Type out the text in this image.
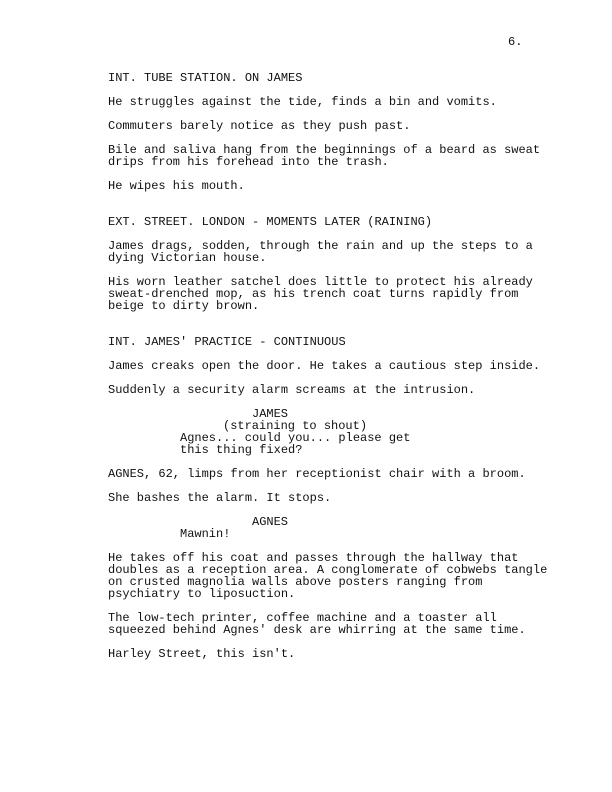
6.
INT. TUBE STATION. ON JAMES
He struggles against the tide, finds a bin and vomits.
Commuters barely notice as they push past.
Bile and saliva hang from the beginnings of a beard as sweat drips from his forehead into the trash.
He wipes his mouth.
EXT. STREET. LONDON - MOMENTS LATER (RAINING)
James drags, sodden, through the rain and up the steps to a dying Victorian house.
His worn leather satchel does little to protect his already sweat-drenched mop, as his trench coat turns rapidly from beige to dirty brown.
INT. JAMES' PRACTICE - CONTINUOUS
James creaks open the door. He takes a cautious step inside.
Suddenly a security alarm screams at the intrusion.
JAMES
(straining to shout)
Agnes... could you... please get this thing fixed?
AGNES, 62, limps from her receptionist chair with a broom.
She bashes the alarm. It stops.
AGNES
Mawnin!
He takes off his coat and passes through the hallway that doubles as a reception area. A conglomerate of cobwebs tangle on crusted magnolia walls above posters ranging from psychiatry to liposuction.
The low-tech printer, coffee machine and a toaster all squeezed behind Agnes' desk are whirring at the same time.
Harley Street, this isn't.
